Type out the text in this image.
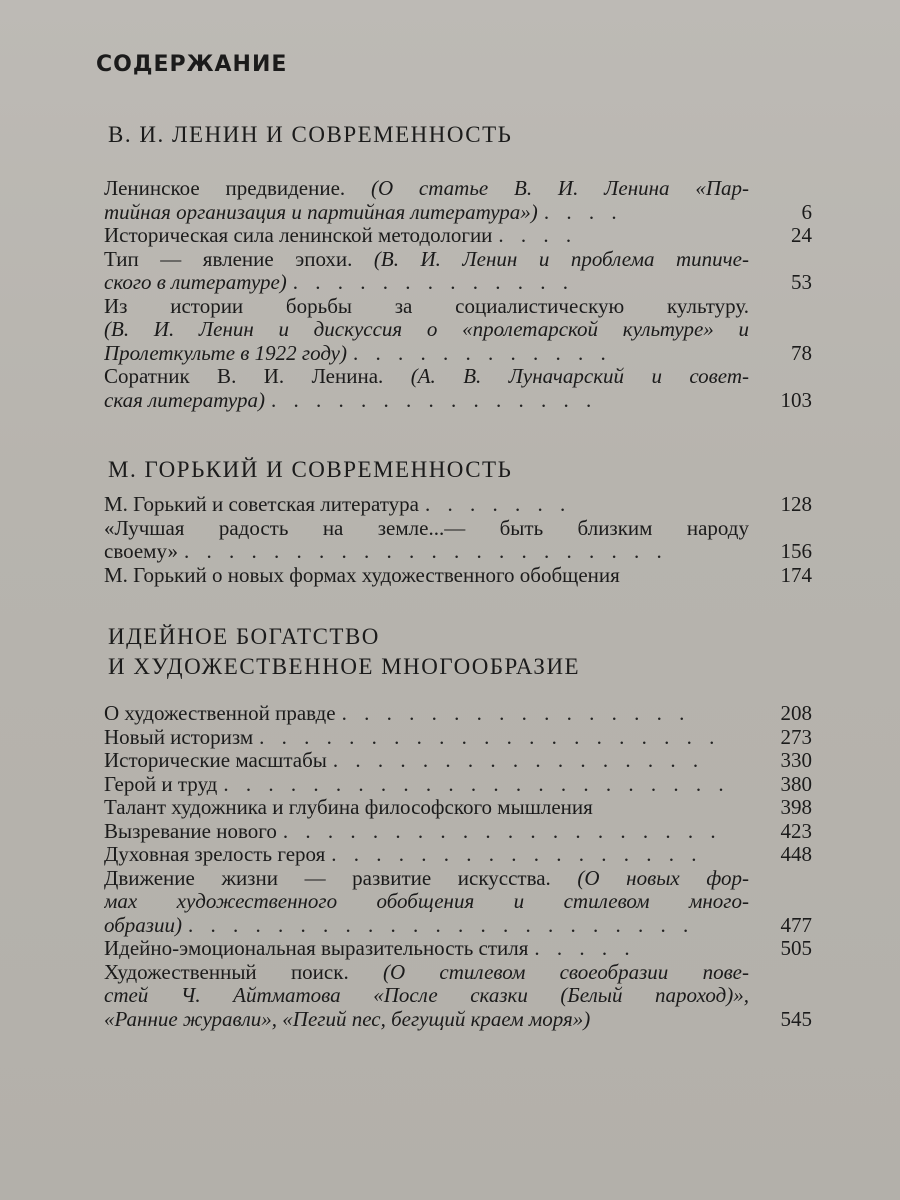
СОДЕРЖАНИЕ
В. И. ЛЕНИН И СОВРЕМЕННОСТЬ
Ленинское предвидение. (О статье В. И. Ленина «Пар-
тийная организация и партийная литература») . . . .	6
Историческая сила ленинской методологии . . . .	24
Тип — явление эпохи. (В. И. Ленин и проблема типиче-
ского в литературе) . . . . . . . . . . . . .	53
Из истории борьбы за социалистическую культуру.
(В. И. Ленин и дискуссия о «пролетарской культуре» и
Пролеткульте в 1922 году) . . . . . . . . . . . .	78
Соратник В. И. Ленина. (А. В. Луначарский и совет-
ская литература) . . . . . . . . . . . . . . .	103
М. ГОРЬКИЙ И СОВРЕМЕННОСТЬ
М. Горький и советская литература . . . . . . .	128
«Лучшая радость на земле...— быть близким народу
своему» . . . . . . . . . . . . . . . . . . . . . .	156
М. Горький о новых формах художественного обобщения	174
ИДЕЙНОЕ БОГАТСТВО
И ХУДОЖЕСТВЕННОЕ МНОГООБРАЗИЕ
О художественной правде . . . . . . . . . . . . . . . .	208
Новый историзм . . . . . . . . . . . . . . . . . . . . .	273
Исторические масштабы . . . . . . . . . . . . . . . . .	330
Герой и труд . . . . . . . . . . . . . . . . . . . . . . .	380
Талант художника и глубина философского мышления	398
Вызревание нового . . . . . . . . . . . . . . . . . . . .	423
Духовная зрелость героя . . . . . . . . . . . . . . . . .	448
Движение жизни — развитие искусства. (О новых фор-
мах художественного обобщения и стилевом много-
образии) . . . . . . . . . . . . . . . . . . . . . . .	477
Идейно-эмоциональная выразительность стиля . . . . .	505
Художественный поиск. (О стилевом своеобразии пове-
стей Ч. Айтматова «После сказки (Белый пароход)»,
«Ранние журавли», «Пегий пес, бегущий краем моря»)	545
